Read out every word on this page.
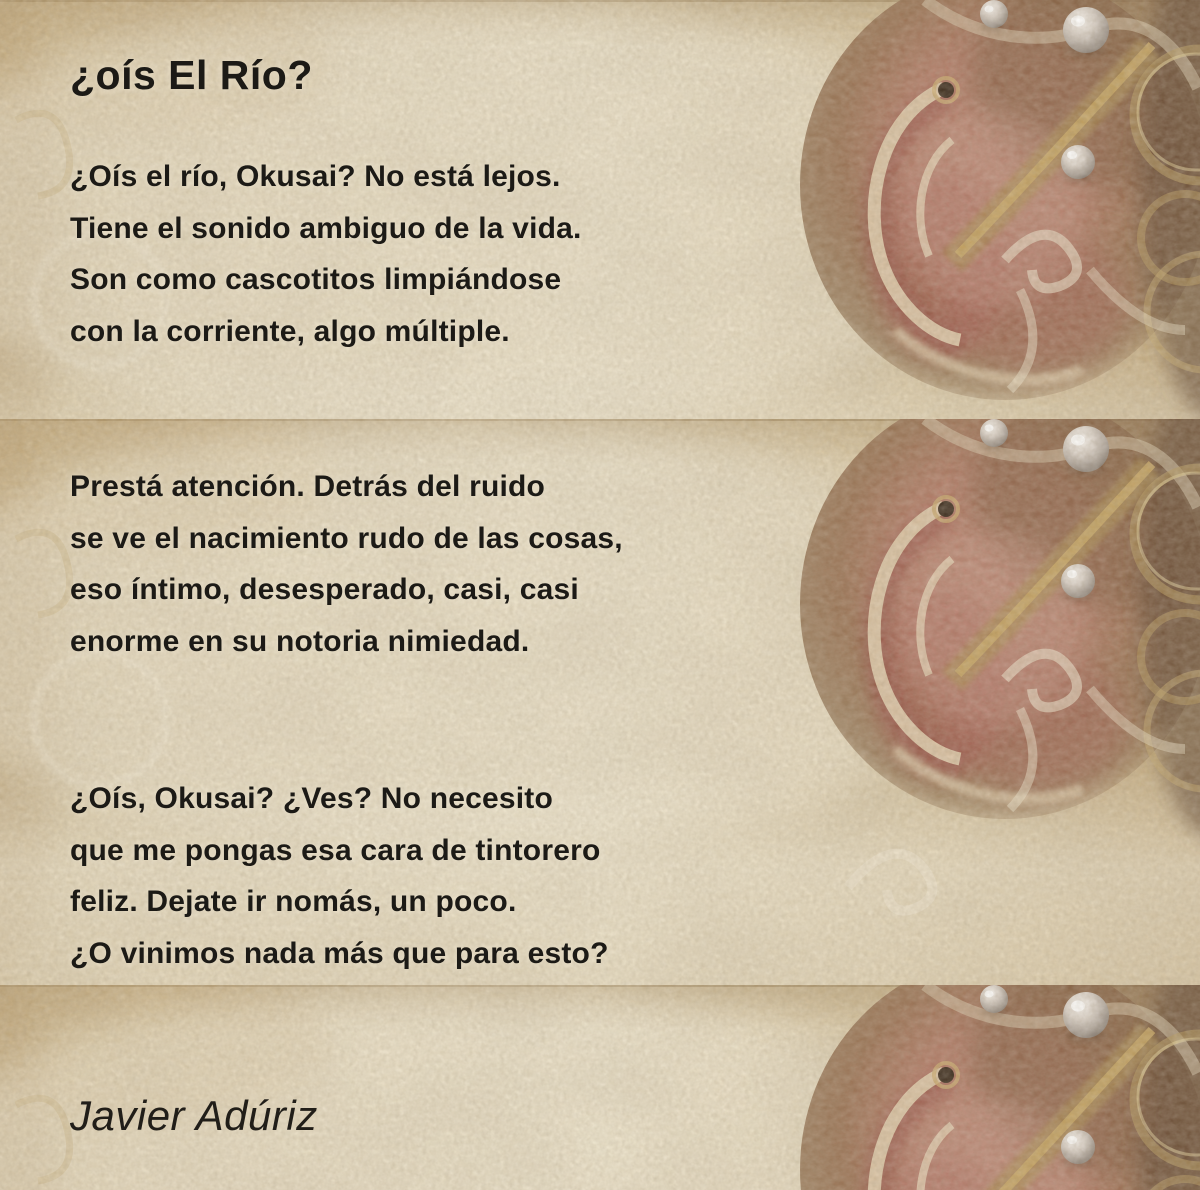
¿oís El Río?
¿Oís el río, Okusai? No está lejos.
Tiene el sonido ambiguo de la vida.
Son como cascotitos limpiándose
con la corriente, algo múltiple.
Prestá atención. Detrás del ruido
se ve el nacimiento rudo de las cosas,
eso íntimo, desesperado, casi, casi
enorme en su notoria nimiedad.
¿Oís, Okusai? ¿Ves? No necesito
que me pongas esa cara de tintorero
feliz. Dejate ir nomás, un poco.
¿O vinimos nada más que para esto?
Javier Adúriz
